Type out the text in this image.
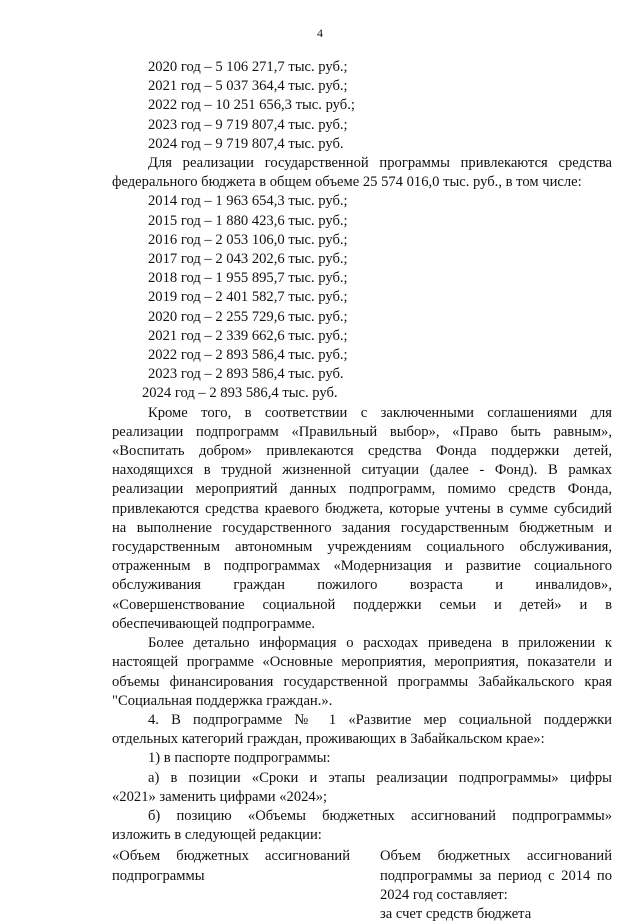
4
2020 год – 5 106 271,7 тыс. руб.;
2021 год – 5 037 364,4 тыс. руб.;
2022 год – 10 251 656,3 тыс. руб.;
2023 год – 9 719 807,4 тыс. руб.;
2024 год – 9 719 807,4 тыс. руб.
Для реализации государственной программы привлекаются средства
федерального бюджета в общем объеме 25 574 016,0 тыс. руб., в том числе:
2014 год – 1 963 654,3 тыс. руб.;
2015 год – 1 880 423,6 тыс. руб.;
2016 год – 2 053 106,0 тыс. руб.;
2017 год – 2 043 202,6 тыс. руб.;
2018 год – 1 955 895,7 тыс. руб.;
2019 год – 2 401 582,7 тыс. руб.;
2020 год – 2 255 729,6 тыс. руб.;
2021 год – 2 339 662,6 тыс. руб.;
2022 год – 2 893 586,4 тыс. руб.;
2023 год – 2 893 586,4 тыс. руб.
2024 год – 2 893 586,4 тыс. руб.
Кроме того, в соответствии с заключенными соглашениями для
реализации подпрограмм «Правильный выбор», «Право быть равным»,
«Воспитать добром» привлекаются средства Фонда поддержки детей,
находящихся в трудной жизненной ситуации (далее - Фонд). В рамках
реализации мероприятий данных подпрограмм, помимо средств Фонда,
привлекаются средства краевого бюджета, которые учтены в сумме субсидий
на выполнение государственного задания государственным бюджетным и
государственным автономным учреждениям социального обслуживания,
отраженным в подпрограммах «Модернизация и развитие социального
обслуживания граждан пожилого возраста и инвалидов»,
«Совершенствование социальной поддержки семьи и детей» и в
обеспечивающей подпрограмме.
Более детально информация о расходах приведена в приложении к
настоящей программе «Основные мероприятия, мероприятия, показатели и
объемы финансирования государственной программы Забайкальского края
"Социальная поддержка граждан.».
4. В подпрограмме № 1 «Развитие мер социальной поддержки
отдельных категорий граждан, проживающих в Забайкальском крае»:
1) в паспорте подпрограммы:
а) в позиции «Сроки и этапы реализации подпрограммы» цифры
«2021» заменить цифрами «2024»;
б) позицию «Объемы бюджетных ассигнований подпрограммы»
изложить в следующей редакции:
«Объем бюджетных ассигнований
подпрограммы
Объем бюджетных ассигнований
подпрограммы за период с 2014 по
2024 год составляет:
за счет средств бюджета
